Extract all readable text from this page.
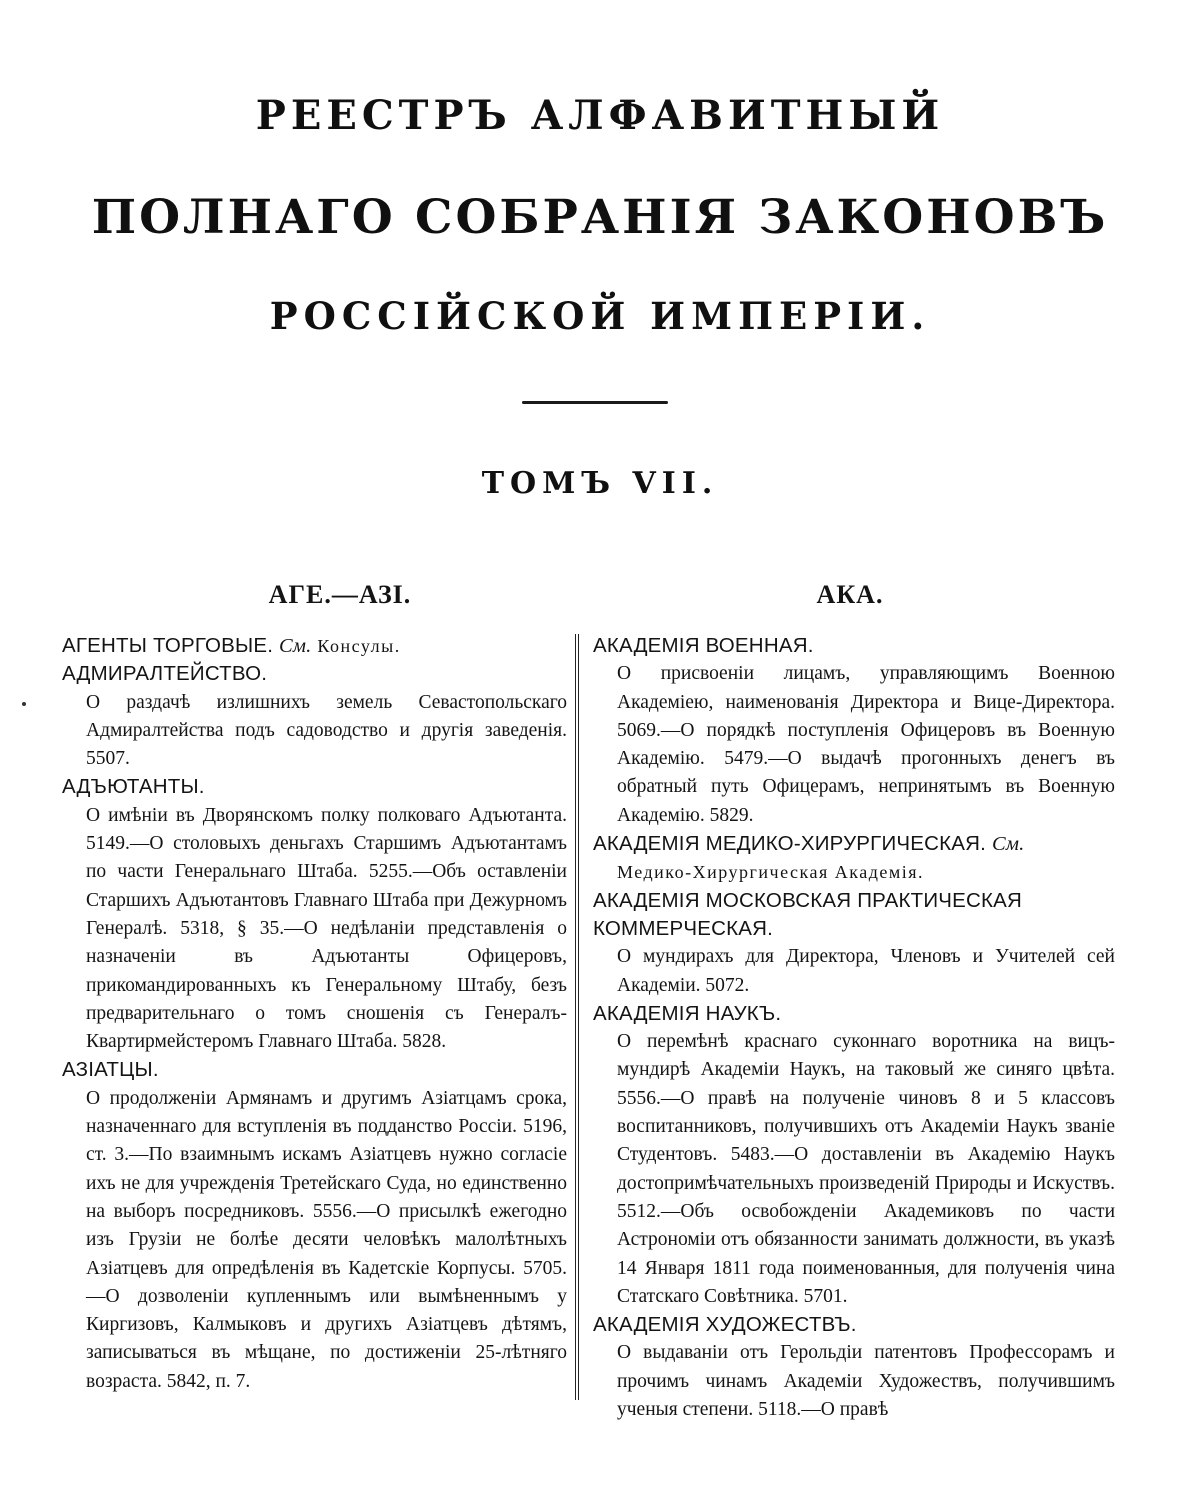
РЕЕСТРЪ АЛФАВИТНЫЙ
ПОЛНАГО СОБРАНІЯ ЗАКОНОВЪ
РОССІЙСКОЙ ИМПЕРІИ.
ТОМЪ VII.
АГЕ.—АЗІ.	АКА.

АГЕНТЫ ТОРГОВЫЕ. См. Консулы.

АДМИРАЛТЕЙСТВО.

О раздачѣ излишнихъ земель Севастопольскаго Адмиралтейства подъ садоводство и другія заведенія. 5507.

АДЪЮТАНТЫ.

О имѣніи въ Дворянскомъ полку полковаго Адъютанта. 5149.—О столовыхъ деньгахъ Старшимъ Адъютантамъ по части Генеральнаго Штаба. 5255.—Объ оставленіи Старшихъ Адъютантовъ Главнаго Штаба при Дежурномъ Генералѣ. 5318, § 35.—О недѣланіи представленія о назначеніи въ Адъютанты Офицеровъ, прикомандированныхъ къ Генеральному Штабу, безъ предварительнаго о томъ сношенія съ Генералъ-Квартирмейстеромъ Главнаго Штаба. 5828.

АЗІАТЦЫ.

О продолженіи Армянамъ и другимъ Азіатцамъ срока, назначеннаго для вступленія въ подданство Россіи. 5196, ст. 3.—По взаимнымъ искамъ Азіатцевъ нужно согласіе ихъ не для учрежденія Третейскаго Суда, но единственно на выборъ посредниковъ. 5556.—О присылкѣ ежегодно изъ Грузіи не болѣе десяти человѣкъ малолѣтныхъ Азіатцевъ для опредѣленія въ Кадетскіе Корпусы. 5705.—О дозволеніи купленнымъ или вымѣненнымъ у Киргизовъ, Калмыковъ и другихъ Азіатцевъ дѣтямъ, записываться въ мѣщане, по достиженіи 25-лѣтняго возраста. 5842, п. 7.

АКАДЕМІЯ ВОЕННАЯ.

О присвоеніи лицамъ, управляющимъ Военною Академіею, наименованія Директора и Вице-Директора. 5069.—О порядкѣ поступленія Офицеровъ въ Военную Академію. 5479.—О выдачѣ прогонныхъ денегъ въ обратный путь Офицерамъ, непринятымъ въ Военную Академію. 5829.

АКАДЕМІЯ МЕДИКО-ХИРУРГИЧЕСКАЯ. См.

Медико-Хирургическая Академія.

АКАДЕМІЯ МОСКОВСКАЯ ПРАКТИЧЕСКАЯ КОММЕРЧЕСКАЯ.

О мундирахъ для Директора, Членовъ и Учителей сей Академіи. 5072.

АКАДЕМІЯ НАУКЪ.

О перемѣнѣ краснаго суконнаго воротника на вицъ-мундирѣ Академіи Наукъ, на таковый же синяго цвѣта. 5556.—О правѣ на полученіе чиновъ 8 и 5 классовъ воспитанниковъ, получившихъ отъ Академіи Наукъ званіе Студентовъ. 5483.—О доставленіи въ Академію Наукъ достопримѣчательныхъ произведеній Природы и Искуствъ. 5512.—Объ освобожденіи Академиковъ по части Астрономіи отъ обязанности занимать должности, въ указѣ 14 Января 1811 года поименованныя, для полученія чина Статскаго Совѣтника. 5701.

АКАДЕМІЯ ХУДОЖЕСТВЪ.

О выдаваніи отъ Герольдіи патентовъ Профессорамъ и прочимъ чинамъ Академіи Художествъ, получившимъ ученыя степени. 5118.—О правѣ
